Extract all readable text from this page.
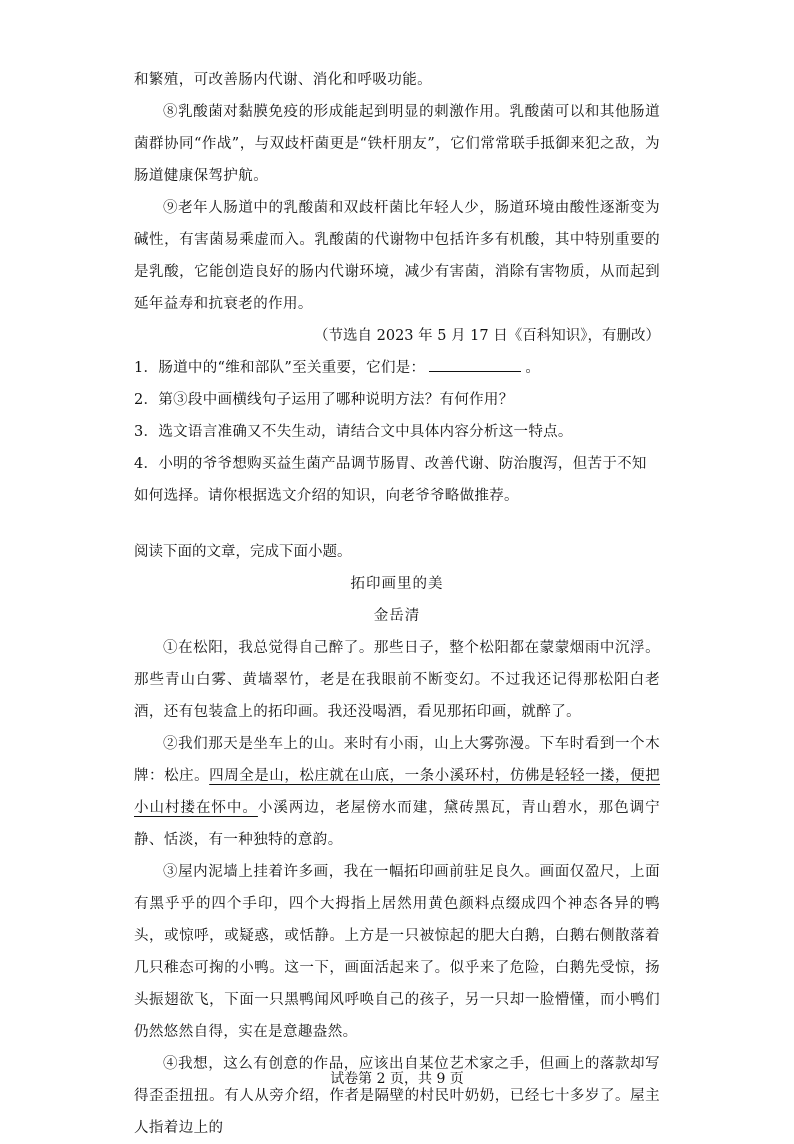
和繁殖，可改善肠内代谢、消化和呼吸功能。

⑧乳酸菌对黏膜免疫的形成能起到明显的刺激作用。乳酸菌可以和其他肠道菌群协同“作战”，与双歧杆菌更是“铁杆朋友”，它们常常联手抵御来犯之敌，为肠道健康保驾护航。

⑨老年人肠道中的乳酸菌和双歧杆菌比年轻人少，肠道环境由酸性逐渐变为碱性，有害菌易乘虚而入。乳酸菌的代谢物中包括许多有机酸，其中特别重要的是乳酸，它能创造良好的肠内代谢环境，减少有害菌，消除有害物质，从而起到延年益寿和抗衰老的作用。

（节选自 2023 年 5 月 17 日《百科知识》，有删改）

1．肠道中的“维和部队”至关重要，它们是：	。

2．第③段中画横线句子运用了哪种说明方法？有何作用？

3．选文语言准确又不失生动，请结合文中具体内容分析这一特点。

4．小明的爷爷想购买益生菌产品调节肠胃、改善代谢、防治腹泻，但苦于不知如何选择。请你根据选文介绍的知识，向老爷爷略做推荐。

阅读下面的文章，完成下面小题。

拓印画里的美

金岳清

①在松阳，我总觉得自己醉了。那些日子，整个松阳都在蒙蒙烟雨中沉浮。那些青山白雾、黄墙翠竹，老是在我眼前不断变幻。不过我还记得那松阳白老酒，还有包装盒上的拓印画。我还没喝酒，看见那拓印画，就醉了。

②我们那天是坐车上的山。来时有小雨，山上大雾弥漫。下车时看到一个木牌：松庄。四周全是山，松庄就在山底，一条小溪环村，仿佛是轻轻一搂，便把小山村搂在怀中。小溪两边，老屋傍水而建，黛砖黑瓦，青山碧水，那色调宁静、恬淡，有一种独特的意韵。

③屋内泥墙上挂着许多画，我在一幅拓印画前驻足良久。画面仅盈尺，上面有黑乎乎的四个手印，四个大拇指上居然用黄色颜料点缀成四个神态各异的鸭头，或惊呼，或疑惑，或恬静。上方是一只被惊起的肥大白鹅，白鹅右侧散落着几只稚态可掬的小鸭。这一下，画面活起来了。似乎来了危险，白鹅先受惊，扬头振翅欲飞，下面一只黑鸭闻风呼唤自己的孩子，另一只却一脸懵懂，而小鸭们仍然悠然自得，实在是意趣盎然。

④我想，这么有创意的作品，应该出自某位艺术家之手，但画上的落款却写得歪歪扭扭。有人从旁介绍，作者是隔壁的村民叶奶奶，已经七十多岁了。屋主人指着边上的

试卷第 2 页，共 9 页
